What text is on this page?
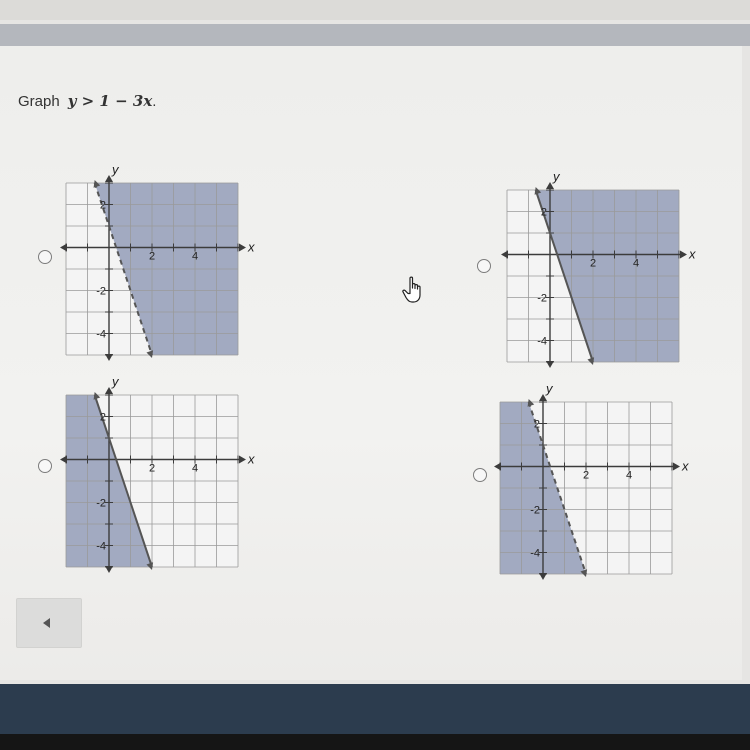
Graph y > 1 − 3x.
2	4
2
-2
-4
x
y
2	4
2
-2
-4
x
y
2	4
2
-2
-4
x
y
2	4
2
-2
-4
x
y
